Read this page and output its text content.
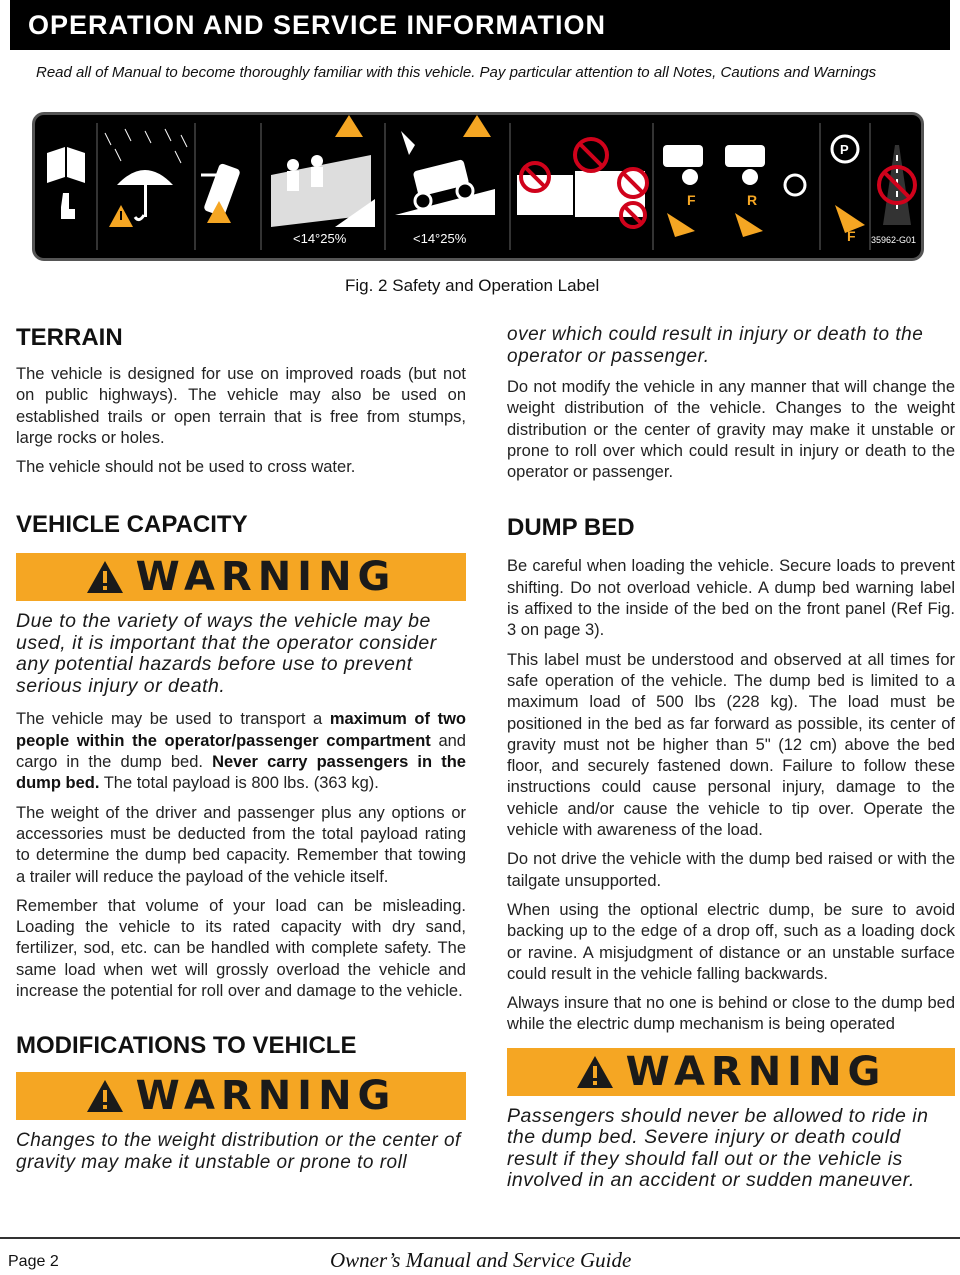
OPERATION AND SERVICE INFORMATION
Read all of Manual to become thoroughly familiar with this vehicle. Pay particular attention to all Notes, Cautions and Warnings
<14°25%	<14°25%
F	R
P
F 35962-G01
Fig. 2 Safety and Operation Label
TERRAIN

The vehicle is designed for use on improved roads (but not on public highways). The vehicle may also be used on established trails or open terrain that is free from stumps, large rocks or holes.

The vehicle should not be used to cross water.

VEHICLE CAPACITY
WARNING

Due to the variety of ways the vehicle may be used, it is important that the operator consider any potential hazards before use to prevent serious injury or death.

The vehicle may be used to transport a maximum of two people within the operator/passenger compartment and cargo in the dump bed. Never carry passengers in the dump bed. The total payload is 800 lbs. (363 kg).

The weight of the driver and passenger plus any options or accessories must be deducted from the total payload rating to determine the dump bed capacity. Remember that towing a trailer will reduce the payload of the vehicle itself.

Remember that volume of your load can be misleading. Loading the vehicle to its rated capacity with dry sand, fertilizer, sod, etc. can be handled with complete safety. The same load when wet will grossly overload the vehicle and increase the potential for roll over and damage to the vehicle.

MODIFICATIONS TO VEHICLE
WARNING

Changes to the weight distribution or the center of gravity may make it unstable or prone to roll

over which could result in injury or death to the operator or passenger.

Do not modify the vehicle in any manner that will change the weight distribution of the vehicle. Changes to the weight distribution or the center of gravity may make it unstable or prone to roll over which could result in injury or death to the operator or passenger.

DUMP BED

Be careful when loading the vehicle. Secure loads to prevent shifting. Do not overload vehicle. A dump bed warning label is affixed to the inside of the bed on the front panel (Ref Fig. 3 on page 3).

This label must be understood and observed at all times for safe operation of the vehicle. The dump bed is limited to a maximum load of 500 lbs (228 kg). The load must be positioned in the bed as far forward as possible, its center of gravity must not be higher than 5" (12 cm) above the bed floor, and securely fastened down. Failure to follow these instructions could cause personal injury, damage to the vehicle and/or cause the vehicle to tip over. Operate the vehicle with awareness of the load.

Do not drive the vehicle with the dump bed raised or with the tailgate unsupported.

When using the optional electric dump, be sure to avoid backing up to the edge of a drop off, such as a loading dock or ravine. A misjudgment of distance or an unstable surface could result in the vehicle falling backwards.

Always insure that no one is behind or close to the dump bed while the electric dump mechanism is being operated

WARNING

Passengers should never be allowed to ride in the dump bed. Severe injury or death could result if they should fall out or the vehicle is involved in an accident or sudden maneuver.

Page 2	Owner’s Manual and Service Guide
